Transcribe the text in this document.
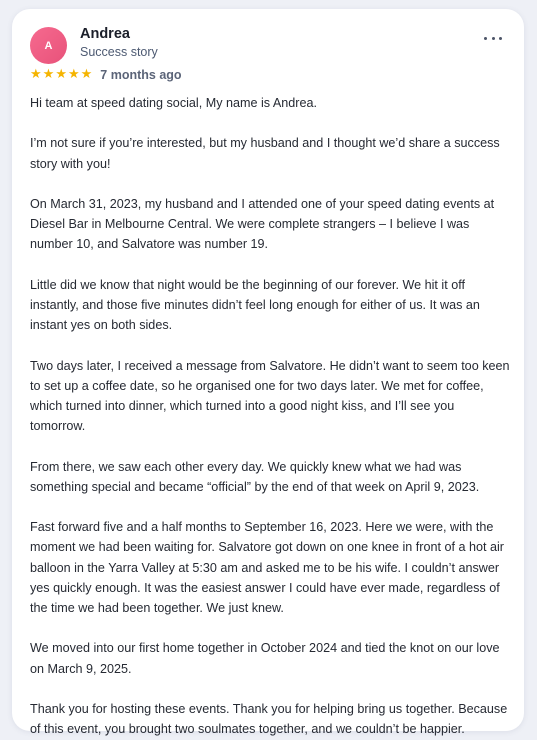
A
Andrea
Success story
★ ★ ★ ★ ★ 7 months ago

Hi team at speed dating social, My name is Andrea.

I’m not sure if you’re interested, but my husband and I thought we’d share a success story with you!

On March 31, 2023, my husband and I attended one of your speed dating events at Diesel Bar in Melbourne Central. We were complete strangers – I believe I was number 10, and Salvatore was number 19.

Little did we know that night would be the beginning of our forever. We hit it off instantly, and those five minutes didn’t feel long enough for either of us. It was an instant yes on both sides.

Two days later, I received a message from Salvatore. He didn’t want to seem too keen to set up a coffee date, so he organised one for two days later. We met for coffee, which turned into dinner, which turned into a good night kiss, and I’ll see you tomorrow.

From there, we saw each other every day. We quickly knew what we had was something special and became “official” by the end of that week on April 9, 2023.

Fast forward five and a half months to September 16, 2023. Here we were, with the moment we had been waiting for. Salvatore got down on one knee in front of a hot air balloon in the Yarra Valley at 5:30 am and asked me to be his wife. I couldn’t answer yes quickly enough. It was the easiest answer I could have ever made, regardless of the time we had been together. We just knew.

We moved into our first home together in October 2024 and tied the knot on our love on March 9, 2025.

Thank you for hosting these events. Thank you for helping bring us together. Because of this event, you brought two soulmates together, and we couldn’t be happier.
